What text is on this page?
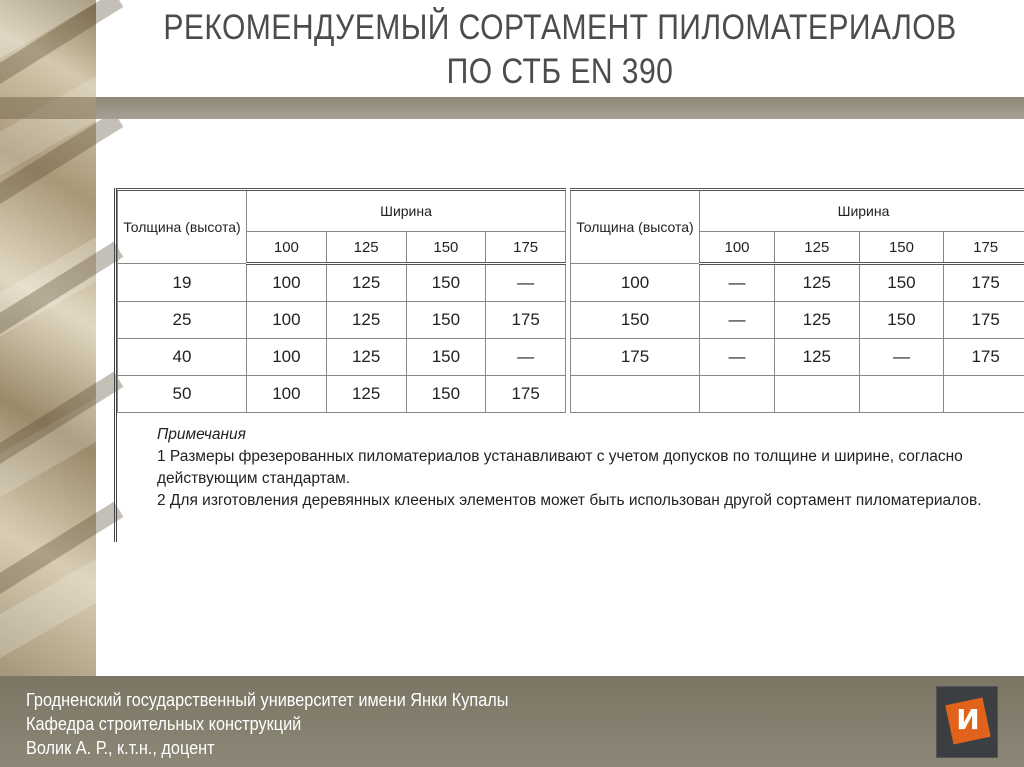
РЕКОМЕНДУЕМЫЙ СОРТАМЕНТ ПИЛОМАТЕРИАЛОВ
ПО СТБ EN 390
Толщина (высота)	Ширина			
	100	125	150	175
19	100	125	150	—
25	100	125	150	175
40	100	125	150	—
50	100	125	150	175
Толщина (высота)	Ширина			
	100	125	150	175
100	—	125	150	175
150	—	125	150	175
175	—	125	—	175

Примечания

1 Размеры фрезерованных пиломатериалов устанавливают с учетом допусков по толщине и ширине, согласно действующим стандартам.

2 Для изготовления деревянных клееных элементов может быть использован другой сортамент пиломатериалов.

Гродненский государственный университет имени Янки Купалы
Кафедра строительных конструкций
Волик А. Р., к.т.н., доцент
И
